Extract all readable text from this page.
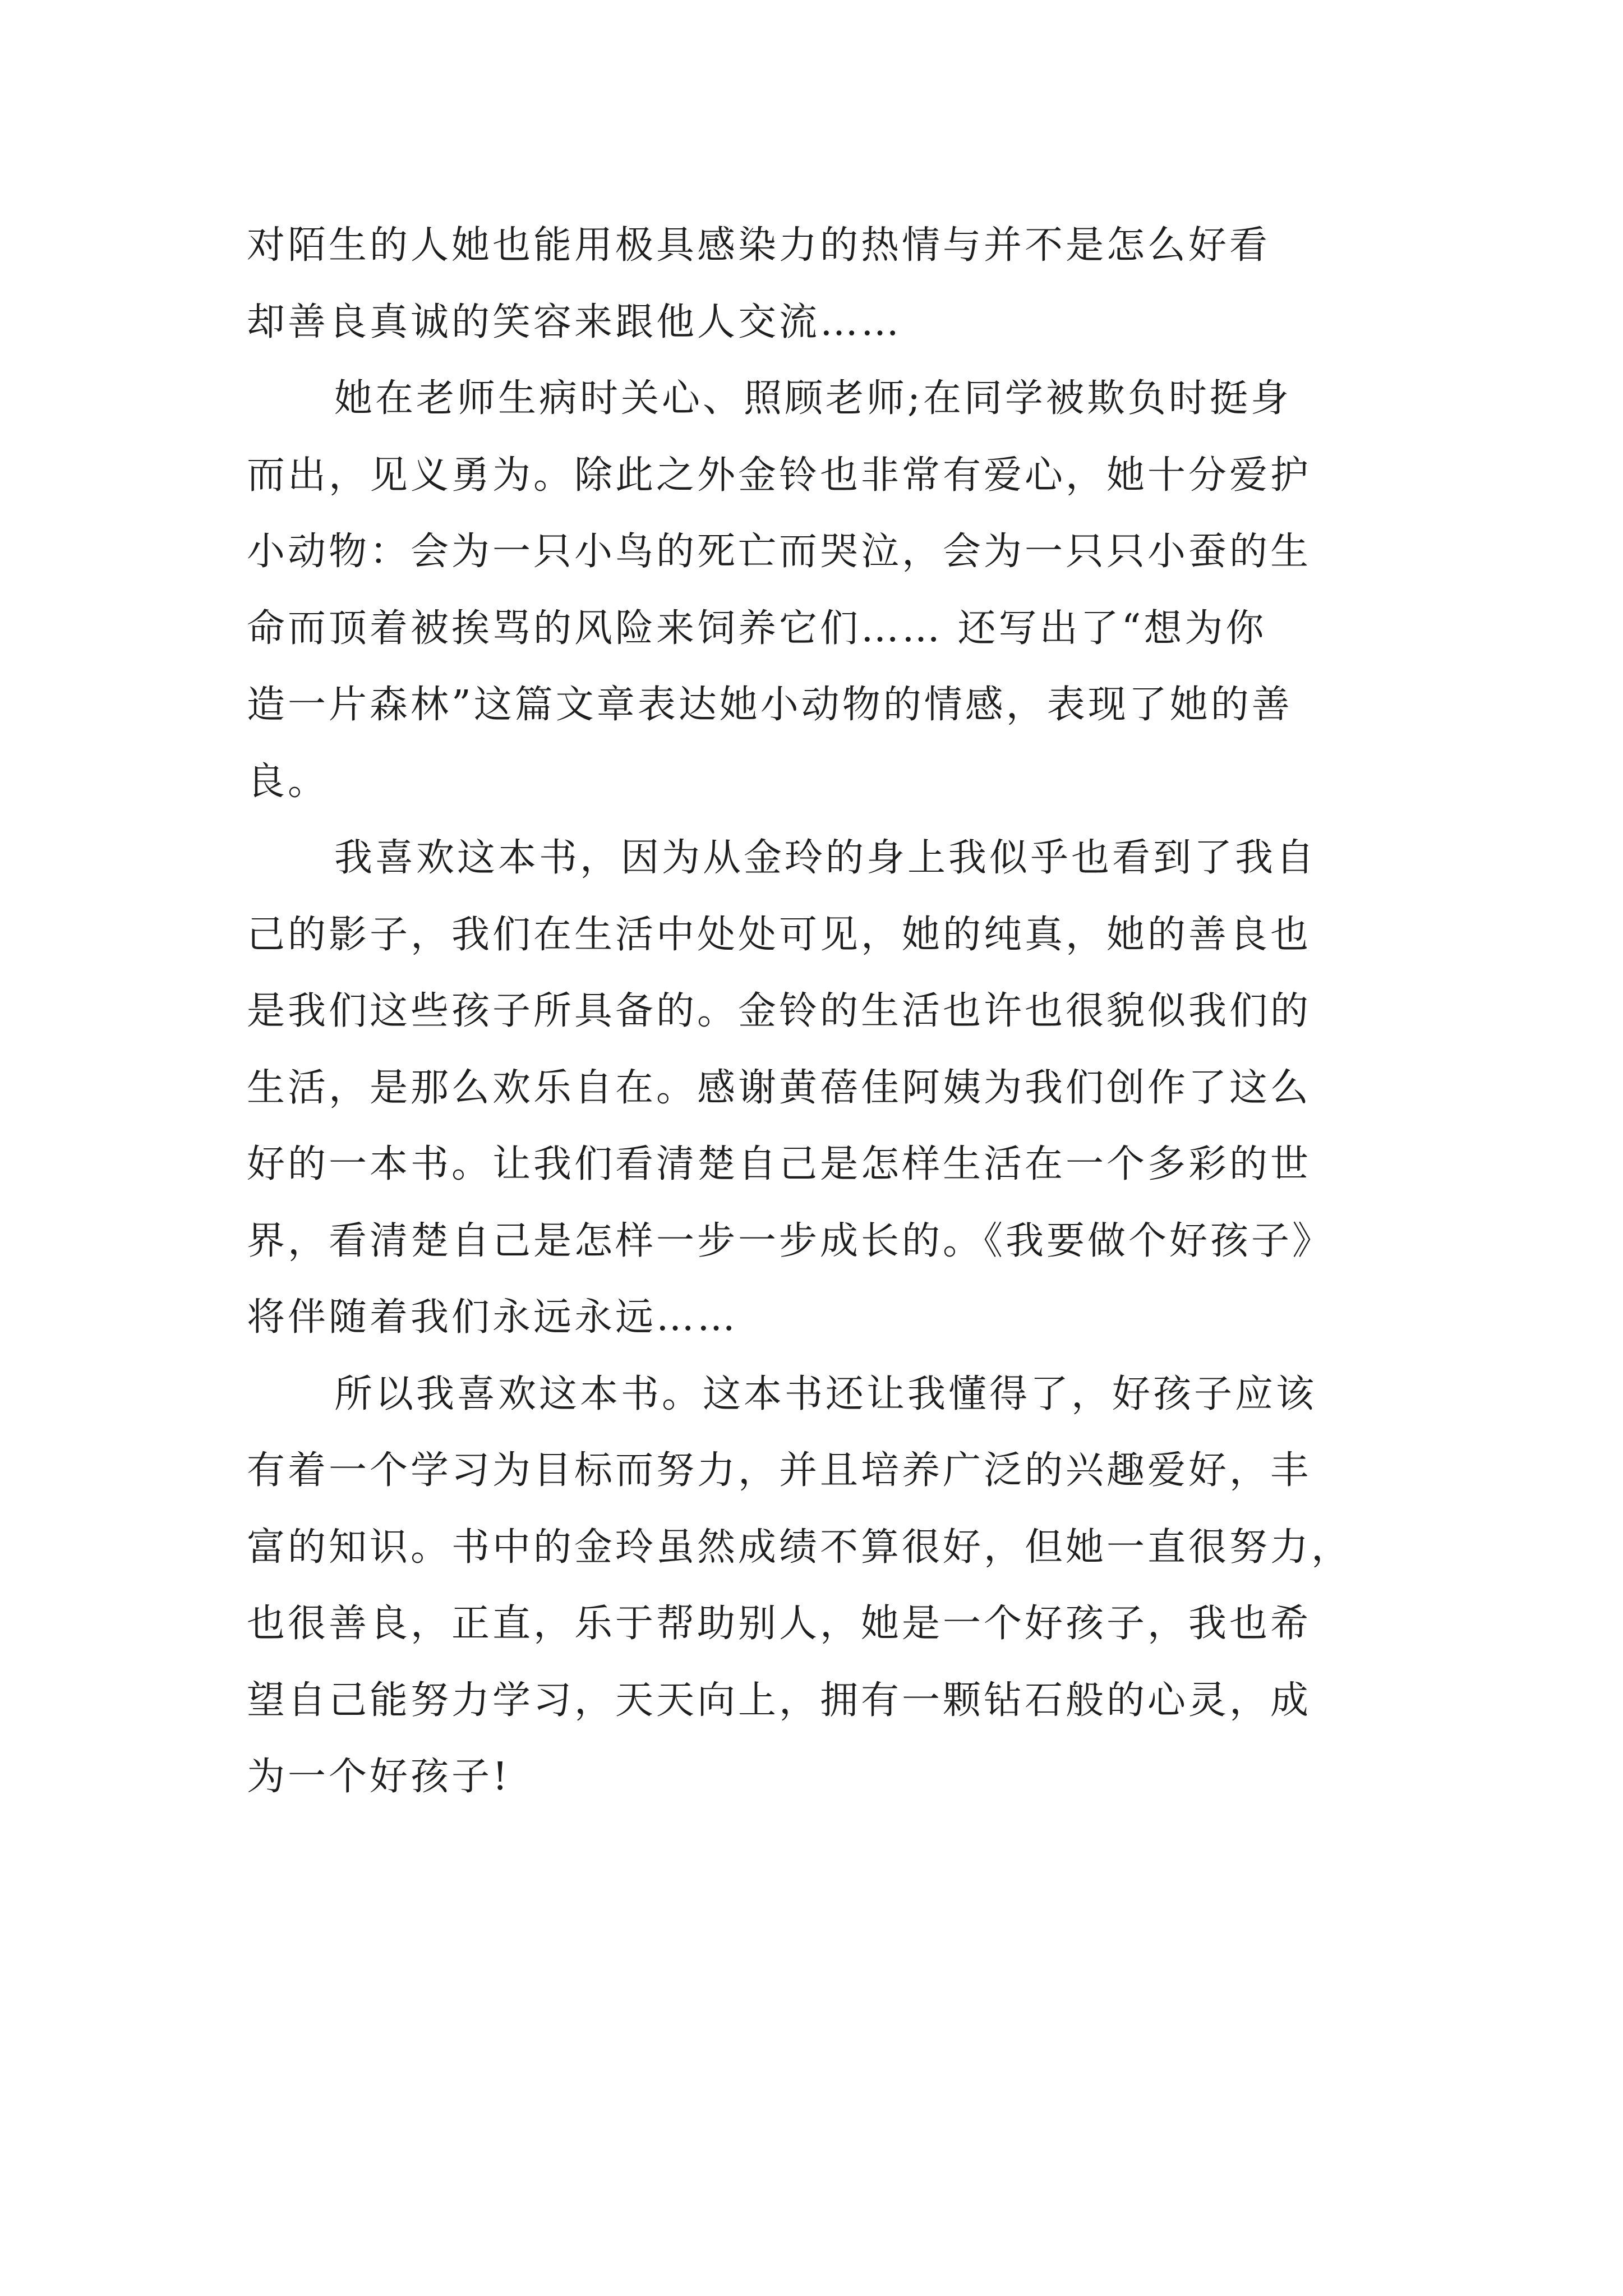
对陌生的人她也能用极具感染力的热情与并不是怎么好看
却善良真诚的笑容来跟他人交流……
她在老师生病时关心、照顾老师;在同学被欺负时挺身
而出，见义勇为。除此之外金铃也非常有爱心，她十分爱护
小动物：会为一只小鸟的死亡而哭泣，会为一只只小蚕的生
命而顶着被挨骂的风险来饲养它们…… 还写出了“想为你
造一片森林”这篇文章表达她小动物的情感，表现了她的善
良。
我喜欢这本书，因为从金玲的身上我似乎也看到了我自
己的影子，我们在生活中处处可见，她的纯真，她的善良也
是我们这些孩子所具备的。金铃的生活也许也很貌似我们的
生活，是那么欢乐自在。感谢黄蓓佳阿姨为我们创作了这么
好的一本书。让我们看清楚自己是怎样生活在一个多彩的世
界，看清楚自己是怎样一步一步成长的。《我要做个好孩子》
将伴随着我们永远永远……
所以我喜欢这本书。这本书还让我懂得了，好孩子应该
有着一个学习为目标而努力，并且培养广泛的兴趣爱好，丰
富的知识。书中的金玲虽然成绩不算很好，但她一直很努力，
也很善良，正直，乐于帮助别人，她是一个好孩子，我也希
望自己能努力学习，天天向上，拥有一颗钻石般的心灵，成
为一个好孩子!
